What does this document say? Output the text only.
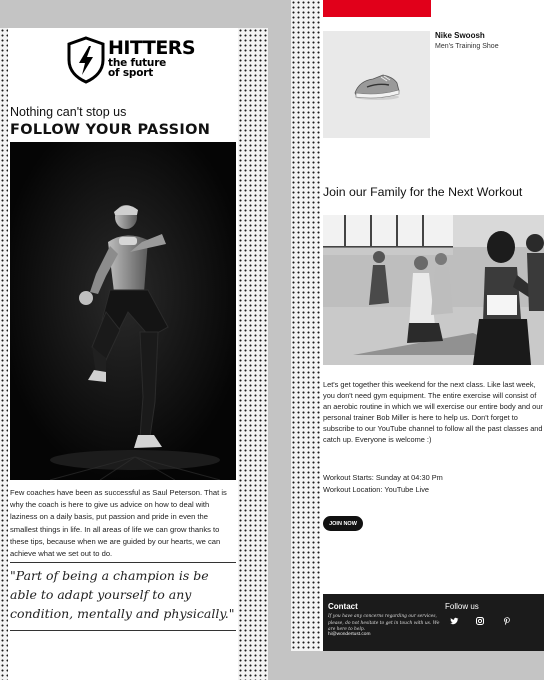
HITTERS
the future
of sport
Nothing can't stop us
FOLLOW YOUR PASSION
Few coaches have been as successful as Saul Peterson. That is why the coach is here to give us advice on how to deal with laziness on a daily basis, put passion and pride in even the smallest things in life. In all areas of life we can grow thanks to these tips, because when we are guided by our hearts, we can achieve what we set out to do.
"Part of being a champion is be able to adapt yourself to any condition, mentally and physically."
Nike Swoosh
Men's Training Shoe
Join our Family for the Next Workout
Let's get together this weekend for the next class. Like last week, you don't need gym equipment. The entire exercise will consist of an aerobic routine in which we will exercise our entire body and our personal trainer Bob Miller is here to help us. Don't forget to subscribe to our YouTube channel to follow all the past classes and catch up. Everyone is welcome :)
Workout Starts: Sunday at 04:30 Pm
Workout Location: YouTube Live
JOIN NOW
Contact
If you have any concerns regarding our services, please, do not hesitate to get in touch with us. We are here to help.
hi@wondertust.com
Follow us
